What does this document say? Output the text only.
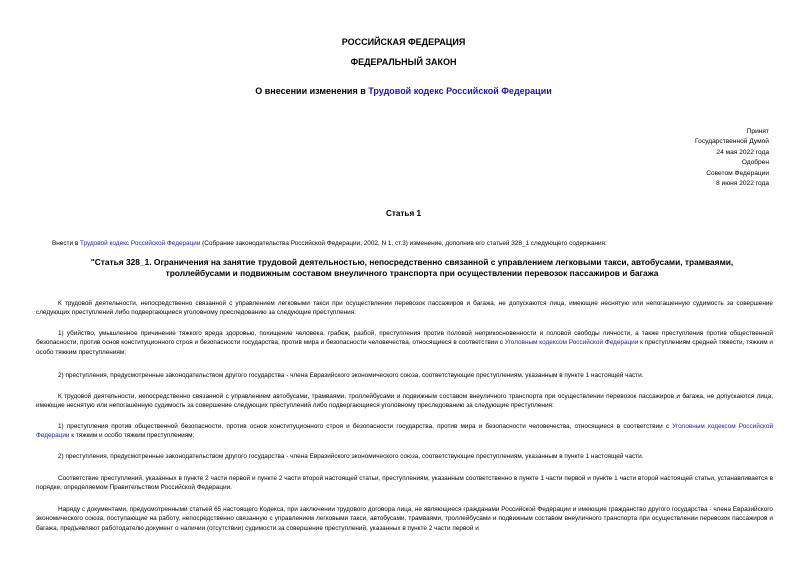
РОССИЙСКАЯ ФЕДЕРАЦИЯ
ФЕДЕРАЛЬНЫЙ ЗАКОН
О внесении изменения в Трудовой кодекс Российской Федерации
Принят
Государственной Думой
24 мая 2022 года
Одобрен
Советом Федерации
8 июня 2022 года
Статья 1
Внести в Трудовой кодекс Российской Федерации (Собрание законодательства Российской Федерации, 2002, N 1, ст.3) изменение, дополнив его статьей 328_1 следующего содержания:
"Статья 328_1. Ограничения на занятие трудовой деятельностью, непосредственно связанной с управлением легковыми такси, автобусами, трамваями, троллейбусами и подвижным составом внеуличного транспорта при осуществлении перевозок пассажиров и багажа
К трудовой деятельности, непосредственно связанной с управлением легковыми такси при осуществлении перевозок пассажиров и багажа, не допускаются лица, имеющие неснятую или непогашенную судимость за совершение следующих преступлений либо подвергающиеся уголовному преследованию за следующие преступления:
1) убийство, умышленное причинение тяжкого вреда здоровью, похищение человека, грабеж, разбой, преступления против половой неприкосновенности и половой свободы личности, а также преступления против общественной безопасности, против основ конституционного строя и безопасности государства, против мира и безопасности человечества, относящиеся в соответствии с Уголовным кодексом Российской Федерации к преступлениям средней тяжести, тяжким и особо тяжким преступлениям;
2) преступления, предусмотренные законодательством другого государства - члена Евразийского экономического союза, соответствующие преступлениям, указанным в пункте 1 настоящей части.
К трудовой деятельности, непосредственно связанной с управлением автобусами, трамваями, троллейбусами и подвижным составом внеуличного транспорта при осуществлении перевозок пассажиров и багажа, не допускаются лица, имеющие неснятую или непогашенную судимость за совершение следующих преступлений либо подвергающиеся уголовному преследованию за следующие преступления:
1) преступления против общественной безопасности, против основ конституционного строя и безопасности государства, против мира и безопасности человечества, относящиеся в соответствии с Уголовным кодексом Российской Федерации к тяжким и особо тяжким преступлениям;
2) преступления, предусмотренные законодательством другого государства - члена Евразийского экономического союза, соответствующие преступлениям, указанным в пункте 1 настоящей части.
Соответствие преступлений, указанных в пункте 2 части первой и пункте 2 части второй настоящей статьи, преступлениям, указанным соответственно в пункте 1 части первой и пункте 1 части второй настоящей статьи, устанавливается в порядке, определяемом Правительством Российской Федерации.
Наряду с документами, предусмотренными статьей 65 настоящего Кодекса, при заключении трудового договора лица, не являющиеся гражданами Российской Федерации и имеющие гражданство другого государства - члена Евразийского экономического союза, поступающие на работу, непосредственно связанную с управлением легковыми такси, автобусами, трамваями, троллейбусами и подвижным составом внеуличного транспорта при осуществлении перевозок пассажиров и багажа, предъявляют работодателю документ о наличии (отсутствии) судимости за совершение преступлений, указанных в пункте 2 части первой и
